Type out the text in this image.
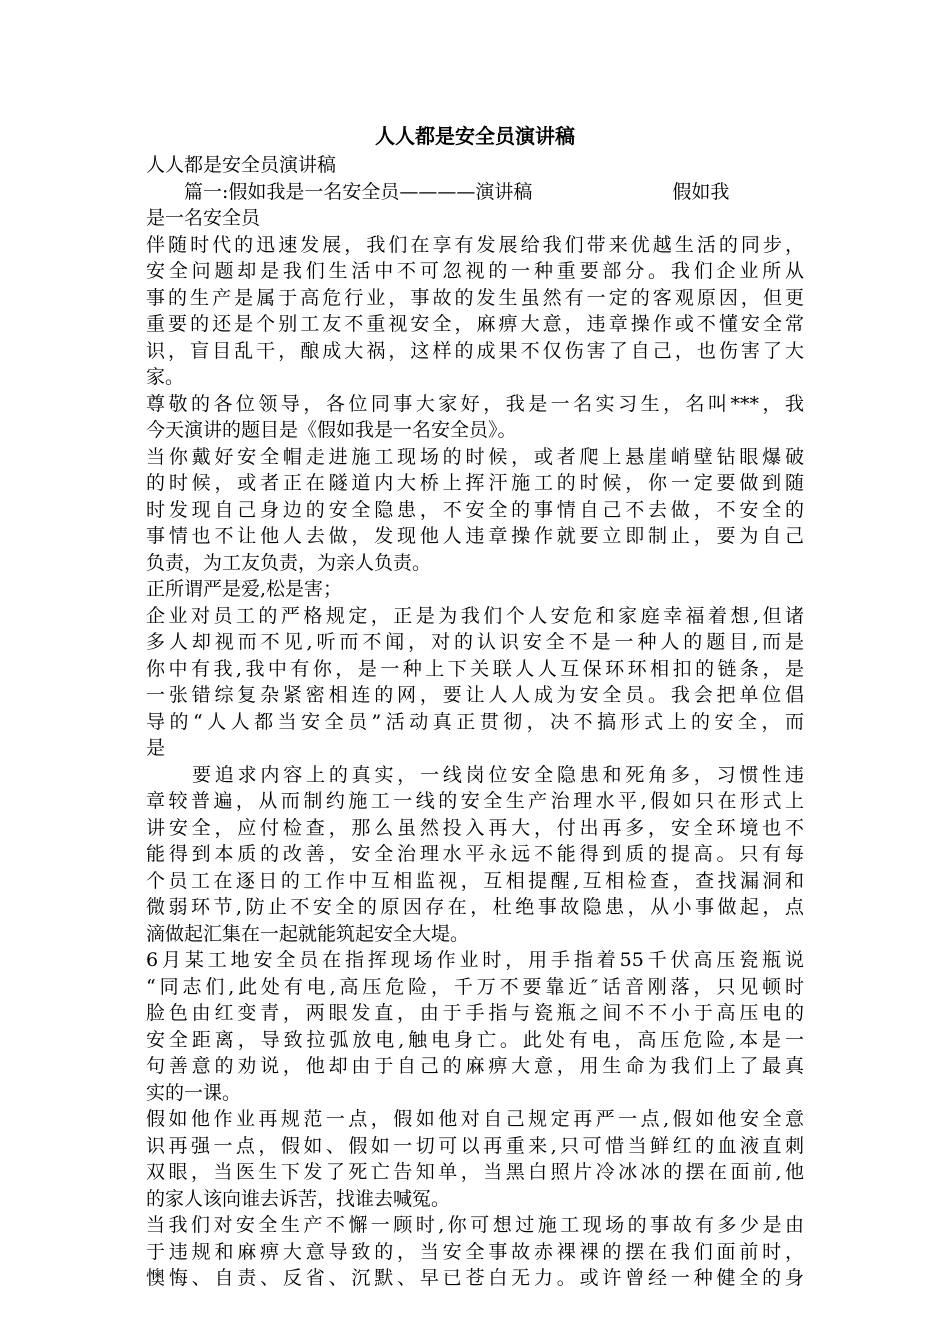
人人都是安全员演讲稿
人人都是安全员演讲稿
篇一:假如我是一名安全员————演讲稿	假如我
是一名安全员
伴随时代的迅速发展，我们在享有发展给我们带来优越生活的同步，
安全问题却是我们生活中不可忽视的一种重要部分。我们企业所从
事的生产是属于高危行业，事故的发生虽然有一定的客观原因，但更
重要的还是个别工友不重视安全，麻痹大意，违章操作或不懂安全常
识，盲目乱干，酿成大祸，这样的成果不仅伤害了自己，也伤害了大
家。
尊敬的各位领导，各位同事大家好，我是一名实习生，名叫***，我
今天演讲的题目是《假如我是一名安全员》。
当你戴好安全帽走进施工现场的时候，或者爬上悬崖峭壁钻眼爆破
的时候，或者正在隧道内大桥上挥汗施工的时候，你一定要做到随
时发现自己身边的安全隐患，不安全的事情自己不去做，不安全的
事情也不让他人去做，发现他人违章操作就要立即制止，要为自己
负责，为工友负责，为亲人负责。
正所谓严是爱,松是害；
企业对员工的严格规定，正是为我们个人安危和家庭幸福着想,但诸
多人却视而不见,听而不闻，对的认识安全不是一种人的题目,而是
你中有我,我中有你，是一种上下关联人人互保环环相扣的链条，是
一张错综复杂紧密相连的网，要让人人成为安全员。我会把单位倡
导的“人人都当安全员”活动真正贯彻，决不搞形式上的安全，而
是
要追求内容上的真实，一线岗位安全隐患和死角多，习惯性违
章较普遍，从而制约施工一线的安全生产治理水平,假如只在形式上
讲安全，应付检查，那么虽然投入再大，付出再多，安全环境也不
能得到本质的改善，安全治理水平永远不能得到质的提高。只有每
个员工在逐日的工作中互相监视，互相提醒,互相检查，查找漏洞和
微弱环节,防止不安全的原因存在，杜绝事故隐患，从小事做起，点
滴做起汇集在一起就能筑起安全大堤。
6月某工地安全员在指挥现场作业时，用手指着55千伏高压瓷瓶说
“同志们,此处有电,高压危险，千万不要靠近″话音刚落，只见顿时
脸色由红变青，两眼发直，由于手指与瓷瓶之间不不小于高压电的
安全距离，导致拉弧放电,触电身亡。此处有电，高压危险,本是一
句善意的劝说，他却由于自己的麻痹大意，用生命为我们上了最真
实的一课。
假如他作业再规范一点，假如他对自己规定再严一点,假如他安全意
识再强一点，假如、假如一切可以再重来,只可惜当鲜红的血液直刺
双眼，当医生下发了死亡告知单，当黑白照片冷冰冰的摆在面前,他
的家人该向谁去诉苦，找谁去喊冤。
当我们对安全生产不懈一顾时,你可想过施工现场的事故有多少是由
于违规和麻痹大意导致的，当安全事故赤裸裸的摆在我们面前时，
懊悔、自责、反省、沉默、早已苍白无力。或许曾经一种健全的身
